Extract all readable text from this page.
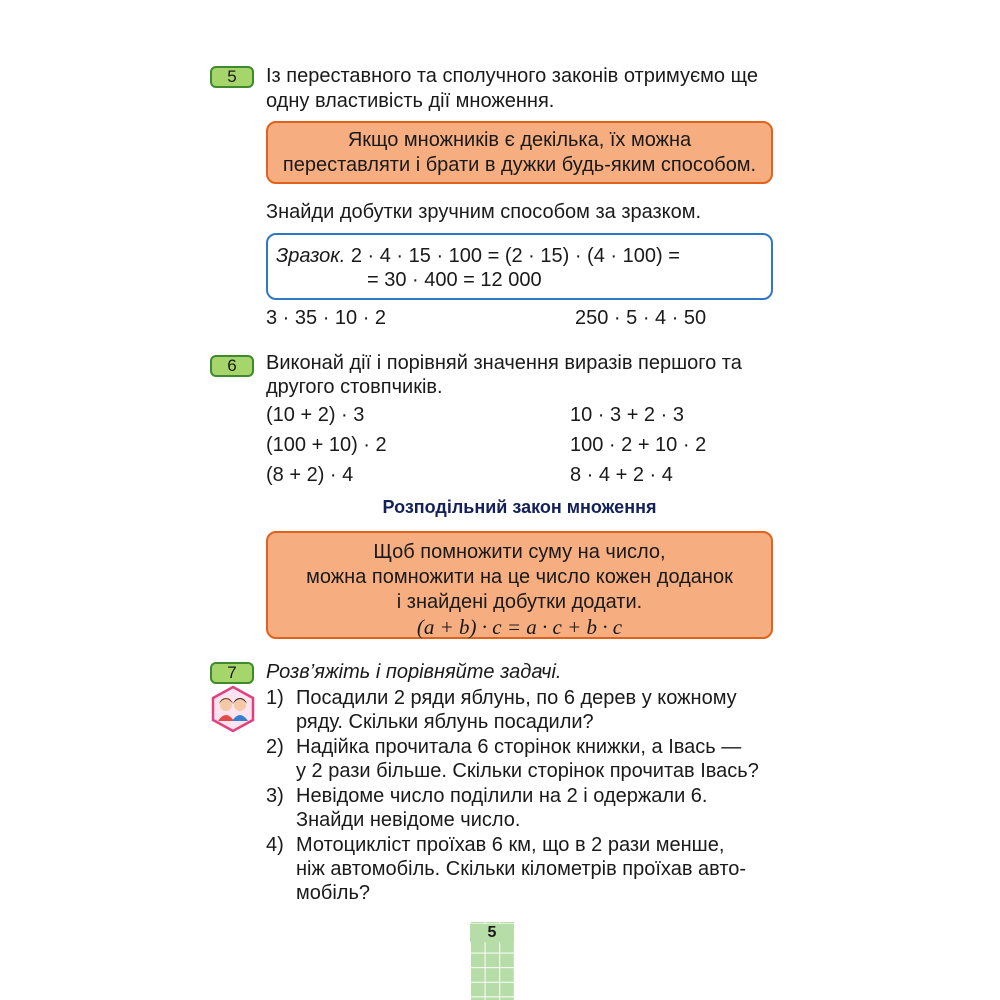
5 Із переставного та сполучного законів отримуємо ще
одну властивість дії множення.
Якщо множників є декілька, їх можна
переставляти і брати в дужки будь-яким способом.
Знайди добутки зручним способом за зразком.
Зразок. 2 · 4 · 15 · 100 = (2 · 15) · (4 · 100) =
= 30 · 400 = 12 000
3 · 35 · 10 · 2	250 · 5 · 4 · 50
6 Виконай дії і порівняй значення виразів першого та
другого стовпчиків.
(10 + 2) · 3
(100 + 10) · 2
(8 + 2) · 4
10 · 3 + 2 · 3
100 · 2 + 10 · 2
8 · 4 + 2 · 4
Розподільний закон множення
Щоб помножити суму на число,
можна помножити на це число кожен доданок
і знайдені добутки додати.
(a + b) · c = a · c + b · c
7 Розв’яжіть і порівняйте задачі.
1) Посадили 2 ряди яблунь, по 6 дерев у кожному
ряду. Скільки яблунь посадили?
2) Надійка прочитала 6 сторінок книжки, а Івась —
у 2 рази більше. Скільки сторінок прочитав Івась?
3) Невідоме число поділили на 2 і одержали 6.
Знайди невідоме число.
4) Мотоцикліст проїхав 6 км, що в 2 рази менше,
ніж автомобіль. Скільки кілометрів проїхав авто-
мобіль?
5
